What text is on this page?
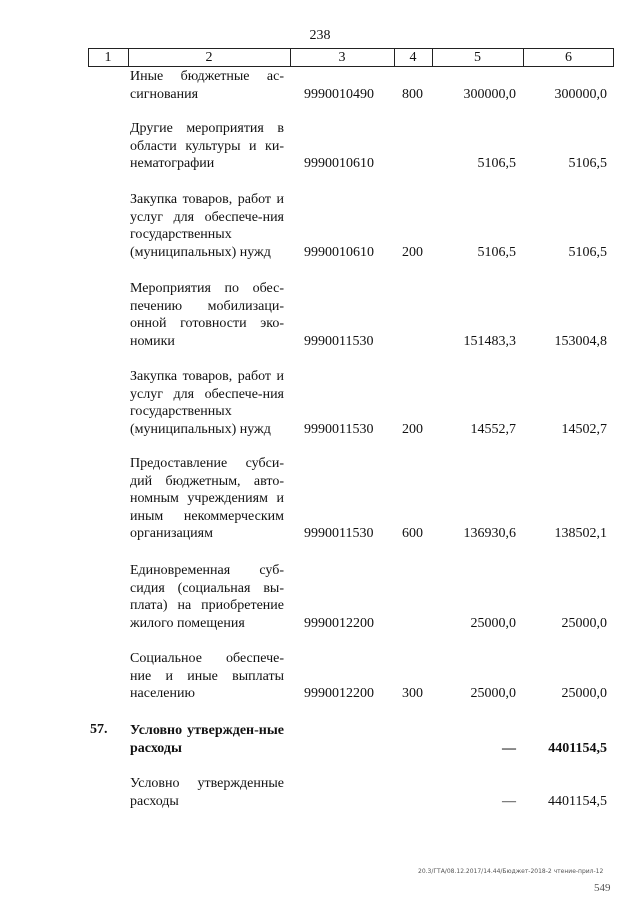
238
1	2	3	4	5	6
Иные бюджетные ас-сигнования	9990010490 800	300000,0	300000,0
Другие мероприятия в области культуры и ки-нематографии	9990010610	5106,5	5106,5
Закупка товаров, работ и услуг для обеспече-ния государственных (муниципальных) нужд	9990010610 200	5106,5	5106,5
Мероприятия по обес-печению мобилизаци-онной готовности эко-номики	9990011530	151483,3	153004,8
Закупка товаров, работ и услуг для обеспече-ния государственных (муниципальных) нужд	9990011530 200	14552,7	14502,7
Предоставление субси-дий бюджетным, авто-номным учреждениям и иным некоммерческим организациям	9990011530 600	136930,6	138502,1
Единовременная суб-сидия (социальная вы-плата) на приобретение жилого помещения	9990012200	25000,0	25000,0
Социальное обеспече-ние и иные выплаты населению	9990012200 300	25000,0	25000,0
57. Условно утвержден-ные расходы	— 4401154,5
Условно утвержденные расходы	— 4401154,5
20.3/ГТА/08.12.2017/14.44/Бюджет-2018-2 чтение-прил-12
549
